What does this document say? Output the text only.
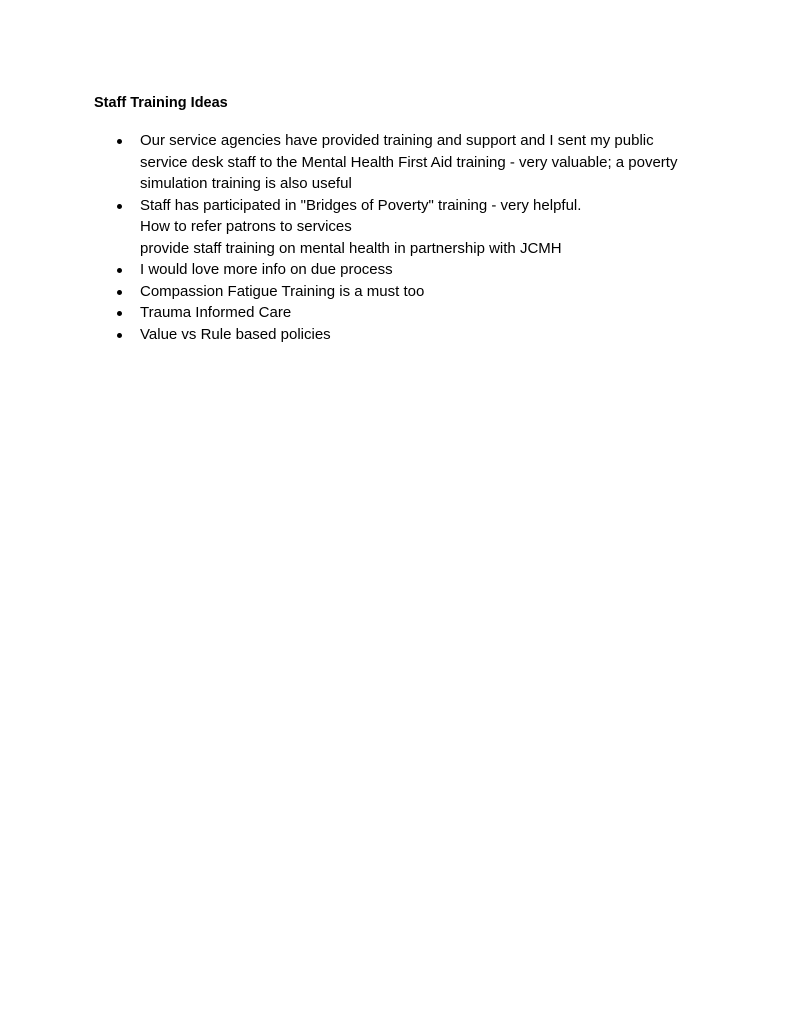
Staff Training Ideas
Our service agencies have provided training and support and I sent my public
service desk staff to the Mental Health First Aid training - very valuable; a poverty
simulation training is also useful
Staff has participated in "Bridges of Poverty" training - very helpful.
How to refer patrons to services
provide staff training on mental health in partnership with JCMH
I would love more info on due process
Compassion Fatigue Training is a must too
Trauma Informed Care
Value vs Rule based policies
